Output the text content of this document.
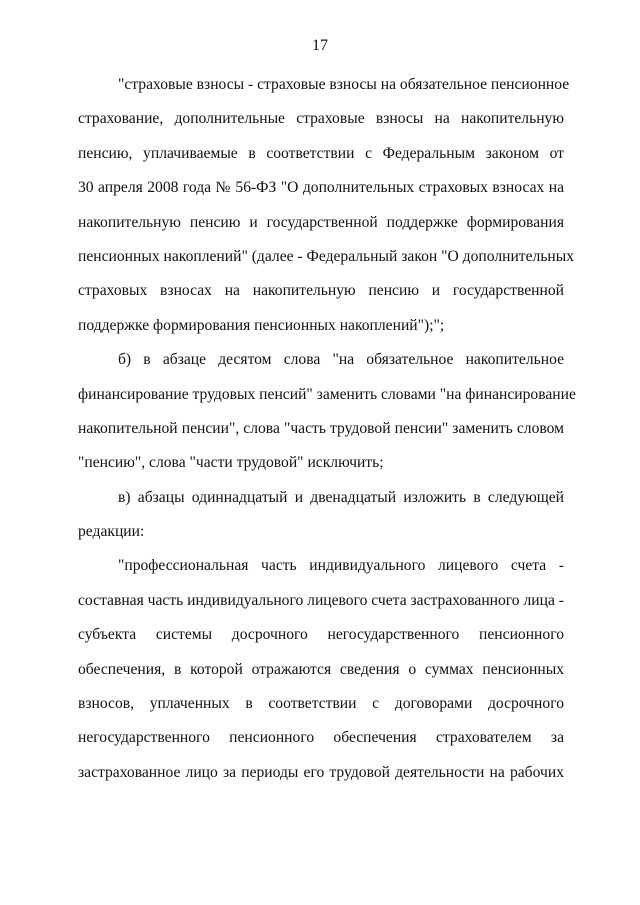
17
"страховые взносы - страховые взносы на обязательное пенсионное
страхование, дополнительные страховые взносы на накопительную
пенсию, уплачиваемые в соответствии с Федеральным законом от
30 апреля 2008 года № 56-ФЗ "О дополнительных страховых взносах на
накопительную пенсию и государственной поддержке формирования
пенсионных накоплений" (далее - Федеральный закон "О дополнительных
страховых взносах на накопительную пенсию и государственной
поддержке формирования пенсионных накоплений");";
б) в абзаце десятом слова "на обязательное накопительное
финансирование трудовых пенсий" заменить словами "на финансирование
накопительной пенсии", слова "часть трудовой пенсии" заменить словом
"пенсию", слова "части трудовой" исключить;
в) абзацы одиннадцатый и двенадцатый изложить в следующей
редакции:
"профессиональная часть индивидуального лицевого счета -
составная часть индивидуального лицевого счета застрахованного лица -
субъекта системы досрочного негосударственного пенсионного
обеспечения, в которой отражаются сведения о суммах пенсионных
взносов, уплаченных в соответствии с договорами досрочного
негосударственного пенсионного обеспечения страхователем за
застрахованное лицо за периоды его трудовой деятельности на рабочих
